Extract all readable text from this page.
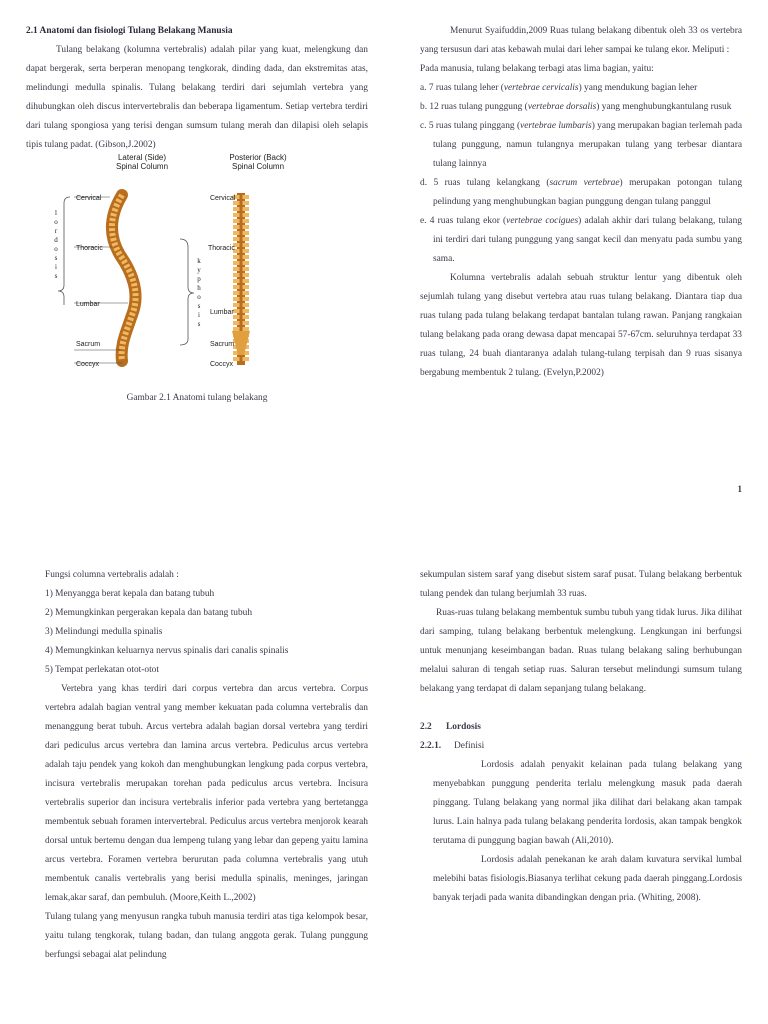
2.1 Anatomi dan fisiologi Tulang Belakang Manusia
Tulang belakang (kolumna vertebralis) adalah pilar yang kuat, melengkung dan dapat bergerak, serta berperan menopang tengkorak, dinding dada, dan ekstremitas atas, melindungi medulla spinalis. Tulang belakang terdiri dari sejumlah vertebra yang dihubungkan oleh discus intervertebralis dan beberapa ligamentum. Setiap vertebra terdiri dari tulang spongiosa yang terisi dengan sumsum tulang merah dan dilapisi oleh selapis tipis tulang padat. (Gibson,J.2002)
Lateral (Side)
Spinal Column
Posterior (Back)
Spinal Column
Cervical
Thoracic
Lumbar
Sacrum
Coccyx
Cervical
Thoracic
Lumbar
Sacrum
Coccyx
l
o
r
d
o
s
i
s
k
y
p
h
o
s
i
s
Gambar 2.1 Anatomi tulang belakang
Menurut Syaifuddin,2009 Ruas tulang belakang dibentuk oleh 33 os vertebra yang tersusun dari atas kebawah mulai dari leher sampai ke tulang ekor. Meliputi :
Pada manusia, tulang belakang terbagi atas lima bagian, yaitu:
a. 7 ruas tulang leher (vertebrae cervicalis) yang mendukung bagian leher
b. 12 ruas tulang punggung (vertebrae dorsalis) yang menghubungkantulang rusuk
c. 5 ruas tulang pinggang (vertebrae lumbaris) yang merupakan bagian terlemah pada tulang punggung, namun tulangnya merupakan tulang yang terbesar diantara tulang lainnya
d. 5 ruas tulang kelangkang (sacrum vertebrae) merupakan potongan tulang pelindung yang menghubungkan bagian punggung dengan tulang panggul
e. 4 ruas tulang ekor (vertebrae cocigues) adalah akhir dari tulang belakang, tulang ini terdiri dari tulang punggung yang sangat kecil dan menyatu pada sumbu yang sama.
Kolumna vertebralis adalah sebuah struktur lentur yang dibentuk oleh sejumlah tulang yang disebut vertebra atau ruas tulang belakang. Diantara tiap dua ruas tulang pada tulang belakang terdapat bantalan tulang rawan. Panjang rangkaian tulang belakang pada orang dewasa dapat mencapai 57-67cm. seluruhnya terdapat 33 ruas tulang, 24 buah diantaranya adalah tulang-tulang terpisah dan 9 ruas sisanya bergabung membentuk 2 tulang. (Evelyn,P.2002)
1
Fungsi columna vertebralis adalah :
1) Menyangga berat kepala dan batang tubuh
2) Memungkinkan pergerakan kepala dan batang tubuh
3) Melindungi medulla spinalis
4) Memungkinkan keluarnya nervus spinalis dari canalis spinalis
5) Tempat perlekatan otot-otot
Vertebra yang khas terdiri dari corpus vertebra dan arcus vertebra. Corpus vertebra adalah bagian ventral yang member kekuatan pada columna vertebralis dan menanggung berat tubuh. Arcus vertebra adalah bagian dorsal vertebra yang terdiri dari pediculus arcus vertebra dan lamina arcus vertebra. Pediculus arcus vertebra adalah taju pendek yang kokoh dan menghubungkan lengkung pada corpus vertebra, incisura vertebralis merupakan torehan pada pediculus arcus vertebra. Incisura vertebralis superior dan incisura vertebralis inferior pada vertebra yang bertetangga membentuk sebuah foramen intervertebral. Pediculus arcus vertebra menjorok kearah dorsal untuk bertemu dengan dua lempeng tulang yang lebar dan gepeng yaitu lamina arcus vertebra. Foramen vertebra berurutan pada columna vertebralis yang utuh membentuk canalis vertebralis yang berisi medulla spinalis, meninges, jaringan lemak,akar saraf, dan pembuluh. (Moore,Keith L.,2002)
Tulang tulang yang menyusun rangka tubuh manusia terdiri atas tiga kelompok besar, yaitu tulang tengkorak, tulang badan, dan tulang anggota gerak. Tulang punggung berfungsi sebagai alat pelindung
sekumpulan sistem saraf yang disebut sistem saraf pusat. Tulang belakang berbentuk tulang pendek dan tulang berjumlah 33 ruas.
Ruas-ruas tulang belakang membentuk sumbu tubuh yang tidak lurus. Jika dilihat dari samping, tulang belakang berbentuk melengkung. Lengkungan ini berfungsi untuk menunjang keseimbangan badan. Ruas tulang belakang saling berhubungan melalui saluran di tengah setiap ruas. Saluran tersebut melindungi sumsum tulang belakang yang terdapat di dalam sepanjang tulang belakang.
2.2 Lordosis
2.2.1. Definisi
Lordosis adalah penyakit kelainan pada tulang belakang yang menyebabkan punggung penderita terlalu melengkung masuk pada daerah pinggang. Tulang belakang yang normal jika dilihat dari belakang akan tampak lurus. Lain halnya pada tulang belakang penderita lordosis, akan tampak bengkok terutama di punggung bagian bawah (Ali,2010).
Lordosis adalah penekanan ke arah dalam kuvatura servikal lumbal melebihi batas fisiologis.Biasanya terlihat cekung pada daerah pinggang.Lordosis banyak terjadi pada wanita dibandingkan dengan pria. (Whiting, 2008).
